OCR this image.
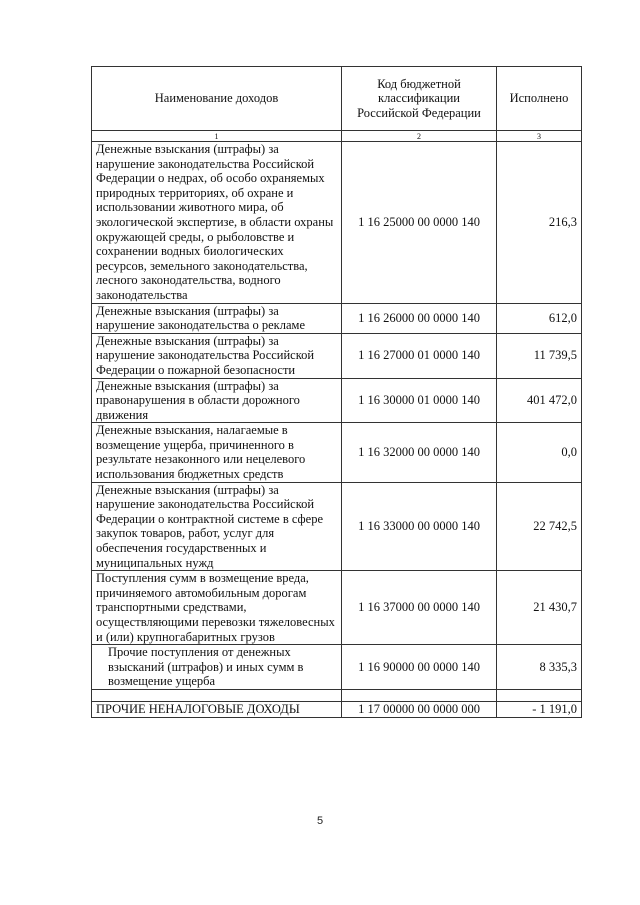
Наименование доходов	Код бюджетной классификации Российской Федерации	Исполнено
1	2	3
Денежные взыскания (штрафы) за нарушение законодательства Российской Федерации о недрах, об особо охраняемых природных территориях, об охране и использовании животного мира, об экологической экспертизе, в области охраны окружающей среды, о рыболовстве и сохранении водных биологических ресурсов, земельного законодательства, лесного законодательства, водного законодательства	1 16 25000 00 0000 140	216,3
Денежные взыскания (штрафы) за нарушение законодательства о рекламе	1 16 26000 00 0000 140	612,0
Денежные взыскания (штрафы) за нарушение законодательства Российской Федерации о пожарной безопасности	1 16 27000 01 0000 140	11 739,5
Денежные взыскания (штрафы) за правонарушения в области дорожного движения	1 16 30000 01 0000 140	401 472,0
Денежные взыскания, налагаемые в возмещение ущерба, причиненного в результате незаконного или нецелевого использования бюджетных средств	1 16 32000 00 0000 140	0,0
Денежные взыскания (штрафы) за нарушение законодательства Российской Федерации о контрактной системе в сфере закупок товаров, работ, услуг для обеспечения государственных и муниципальных нужд	1 16 33000 00 0000 140	22 742,5
Поступления сумм в возмещение вреда, причиняемого автомобильным дорогам транспортными средствами, осуществляющими перевозки тяжеловесных и (или) крупногабаритных грузов	1 16 37000 00 0000 140	21 430,7
Прочие поступления от денежных взысканий (штрафов) и иных сумм в возмещение ущерба	1 16 90000 00 0000 140	8 335,3

ПРОЧИЕ НЕНАЛОГОВЫЕ ДОХОДЫ	1 17 00000 00 0000 000	- 1 191,0
5
